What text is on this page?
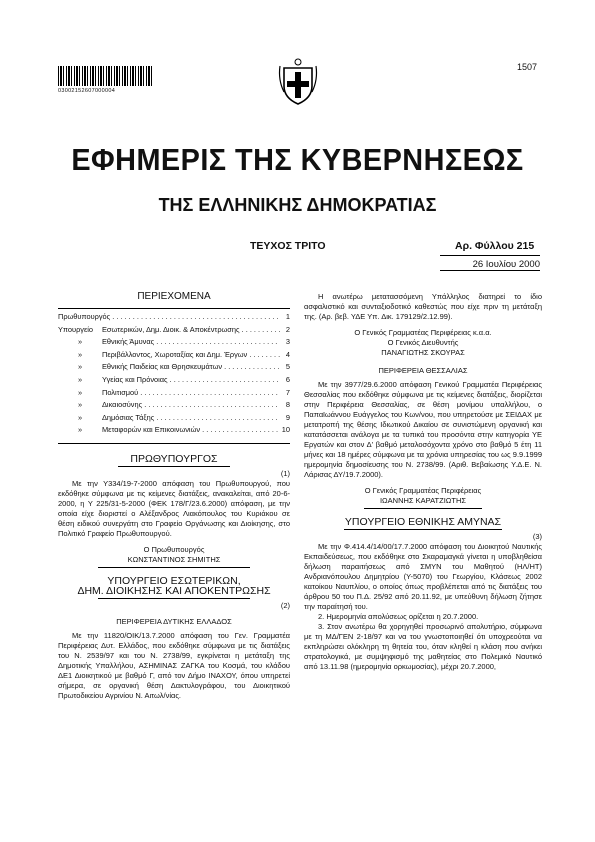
03002152607000004
1507
ΕΦΗΜΕΡΙΣ ΤΗΣ ΚΥΒΕΡΝΗΣΕΩΣ
ΤΗΣ ΕΛΛΗΝΙΚΗΣ ΔΗΜΟΚΡΑΤΙΑΣ
ΤΕΥΧΟΣ ΤΡΙΤΟ	Αρ. Φύλλου 215
26 Ιουλίου 2000
ΠΕΡΙΕΧΟΜΕΝΑ
Πρωθυπουργός . . .	1
Υπουργείο	Εσωτερικών, Δημ. Διοικ. & Αποκέντρωσης . . .	2
»	Εθνικής Άμυνας . . .	3
»	Περιβάλλοντος, Χωροταξίας και Δημ. Έργων . . .	4
»	Εθνικής Παιδείας και Θρησκευμάτων . . .	5
»	Υγείας και Πρόνοιας . . .	6
»	Πολιτισμού . . .	7
»	Δικαιοσύνης . . .	8
»	Δημόσιας Τάξης . . .	9
»	Μεταφορών και Επικοινωνιών . . .	10
ΠΡΩΘΥΠΟΥΡΓΟΣ
(1)

Με την Υ334/19-7-2000 απόφαση του Πρωθυπουργού, που εκδόθηκε σύμφωνα με τις κείμενες διατάξεις, ανακαλείται, από 20-6-2000, η Υ 225/31-5-2000 (ΦΕΚ 178/Γ/23.6.2000) απόφαση, με την οποία είχε διοριστεί ο Αλέξανδρος Λιακόπουλος του Κυριάκου σε θέση ειδικού συνεργάτη στο Γραφείο Οργάνωσης και Διοίκησης, στο Πολιτικό Γραφείο Πρωθυπουργού.

Ο Πρωθυπουργός
ΚΩΝΣΤΑΝΤΙΝΟΣ ΣΗΜΙΤΗΣ
ΥΠΟΥΡΓΕΙΟ ΕΣΩΤΕΡΙΚΩΝ,
ΔΗΜ. ΔΙΟΙΚΗΣΗΣ ΚΑΙ ΑΠΟΚΕΝΤΡΩΣΗΣ
(2)
ΠΕΡΙΦΕΡΕΙΑ ΔΥΤΙΚΗΣ ΕΛΛΑΔΟΣ

Με την 11820/ΟΙΚ/13.7.2000 απόφαση του Γεν. Γραμματέα Περιφέρειας Δυτ. Ελλάδος, που εκδόθηκε σύμφωνα με τις διατάξεις του Ν. 2539/97 και του Ν. 2738/99, εγκρίνεται η μετάταξη της Δημοτικής Υπαλλήλου, ΑΣΗΜΙΝΑΣ ΖΑΓΚΑ του Κοσμά, του κλάδου ΔΕ1 Διοικητικού με βαθμό Γ, από τον Δήμο ΙΝΑΧΟΥ, όπου υπηρετεί σήμερα, σε οργανική θέση Δακτυλογράφου, του Διοικητικού Πρωτοδικείου Αγρινίου Ν. Αιτωλ/νίας.

Η ανωτέρω μετατασσόμενη Υπάλληλος διατηρεί το ίδιο ασφαλιστικό και συνταξιοδοτικό καθεστώς που είχε πριν τη μετάταξη της. (Αρ. βεβ. ΥΔΕ Υπ. Δικ. 179129/2.12.99).

Ο Γενικός Γραμματέας Περιφέρειας κ.α.α.
Ο Γενικός Διευθυντής
ΠΑΝΑΓΙΩΤΗΣ ΣΚΟΥΡΑΣ
ΠΕΡΙΦΕΡΕΙΑ ΘΕΣΣΑΛΙΑΣ

Με την 3977/29.6.2000 απόφαση Γενικού Γραμματέα Περιφέρειας Θεσσαλίας που εκδόθηκε σύμφωνα με τις κείμενες διατάξεις, διορίζεται στην Περιφέρεια Θεσσαλίας, σε θέση μονίμου υπαλλήλου, ο Παπαϊωάννου Ευάγγελος του Κων/νου, που υπηρετούσε με ΣΕΙΔΑΧ με μετατροπή της θέσης Ιδιωτικού Δικαίου σε συνιστώμενη οργανική και κατατάσσεται ανάλογα με τα τυπικά του προσόντα στην κατηγορία ΥΕ Εργατών και στον Δ' βαθμό μεταλοσόχοντα χρόνο στο βαθμό 5 έτη 11 μήνες και 18 ημέρες σύμφωνα με τα χρόνια υπηρεσίας του ως 9.9.1999 ημερομηνία δημοσίευσης του Ν. 2738/99. (Αριθ. Βεβαίωσης Υ.Δ.Ε. Ν. Λάρισας ΔΥ/19.7.2000).

Ο Γενικός Γραμματέας Περιφέρειας
ΙΩΑΝΝΗΣ ΚΑΡΑΤΖΙΩΤΗΣ
ΥΠΟΥΡΓΕΙΟ ΕΘΝΙΚΗΣ ΑΜΥΝΑΣ
(3)

Με την Φ.414.4/14/00/17.7.2000 απόφαση του Διοικητού Ναυτικής Εκπαιδεύσεως, που εκδόθηκε στο Σκαραμαγκά γίνεται η υποβληθείσα δήλωση παραιτήσεως από ΣΜΥΝ του Μαθητού (ΗΛ/ΗΤ) Ανδριανόπουλου Δημητρίου (Υ-5070) του Γεωργίου, Κλάσεως 2002 κατοίκου Ναυπλίου, ο οποίος όπως προβλέπεται από τις διατάξεις του άρθρου 50 του Π.Δ. 25/92 από 20.11.92, με υπεύθυνη δήλωση ζήτησε την παραίτησή του.

2. Ημερομηνία απολύσεως ορίζεται η 20.7.2000.

3. Στον ανωτέρω θα χορηγηθεί προσωρινό απολυτήριο, σύμφωνα με τη ΜΔ/ΓΕΝ 2-18/97 και να του γνωστοποιηθεί ότι υποχρεούται να εκπληρώσει ολόκληρη τη θητεία του, όταν κληθεί η κλάση που ανήκει στρατολογικά, με συμψηφισμό της μαθητείας στο Πολεμικό Ναυτικό από 13.11.98 (ημερομηνία ορκωμοσίας), μέχρι 20.7.2000,
